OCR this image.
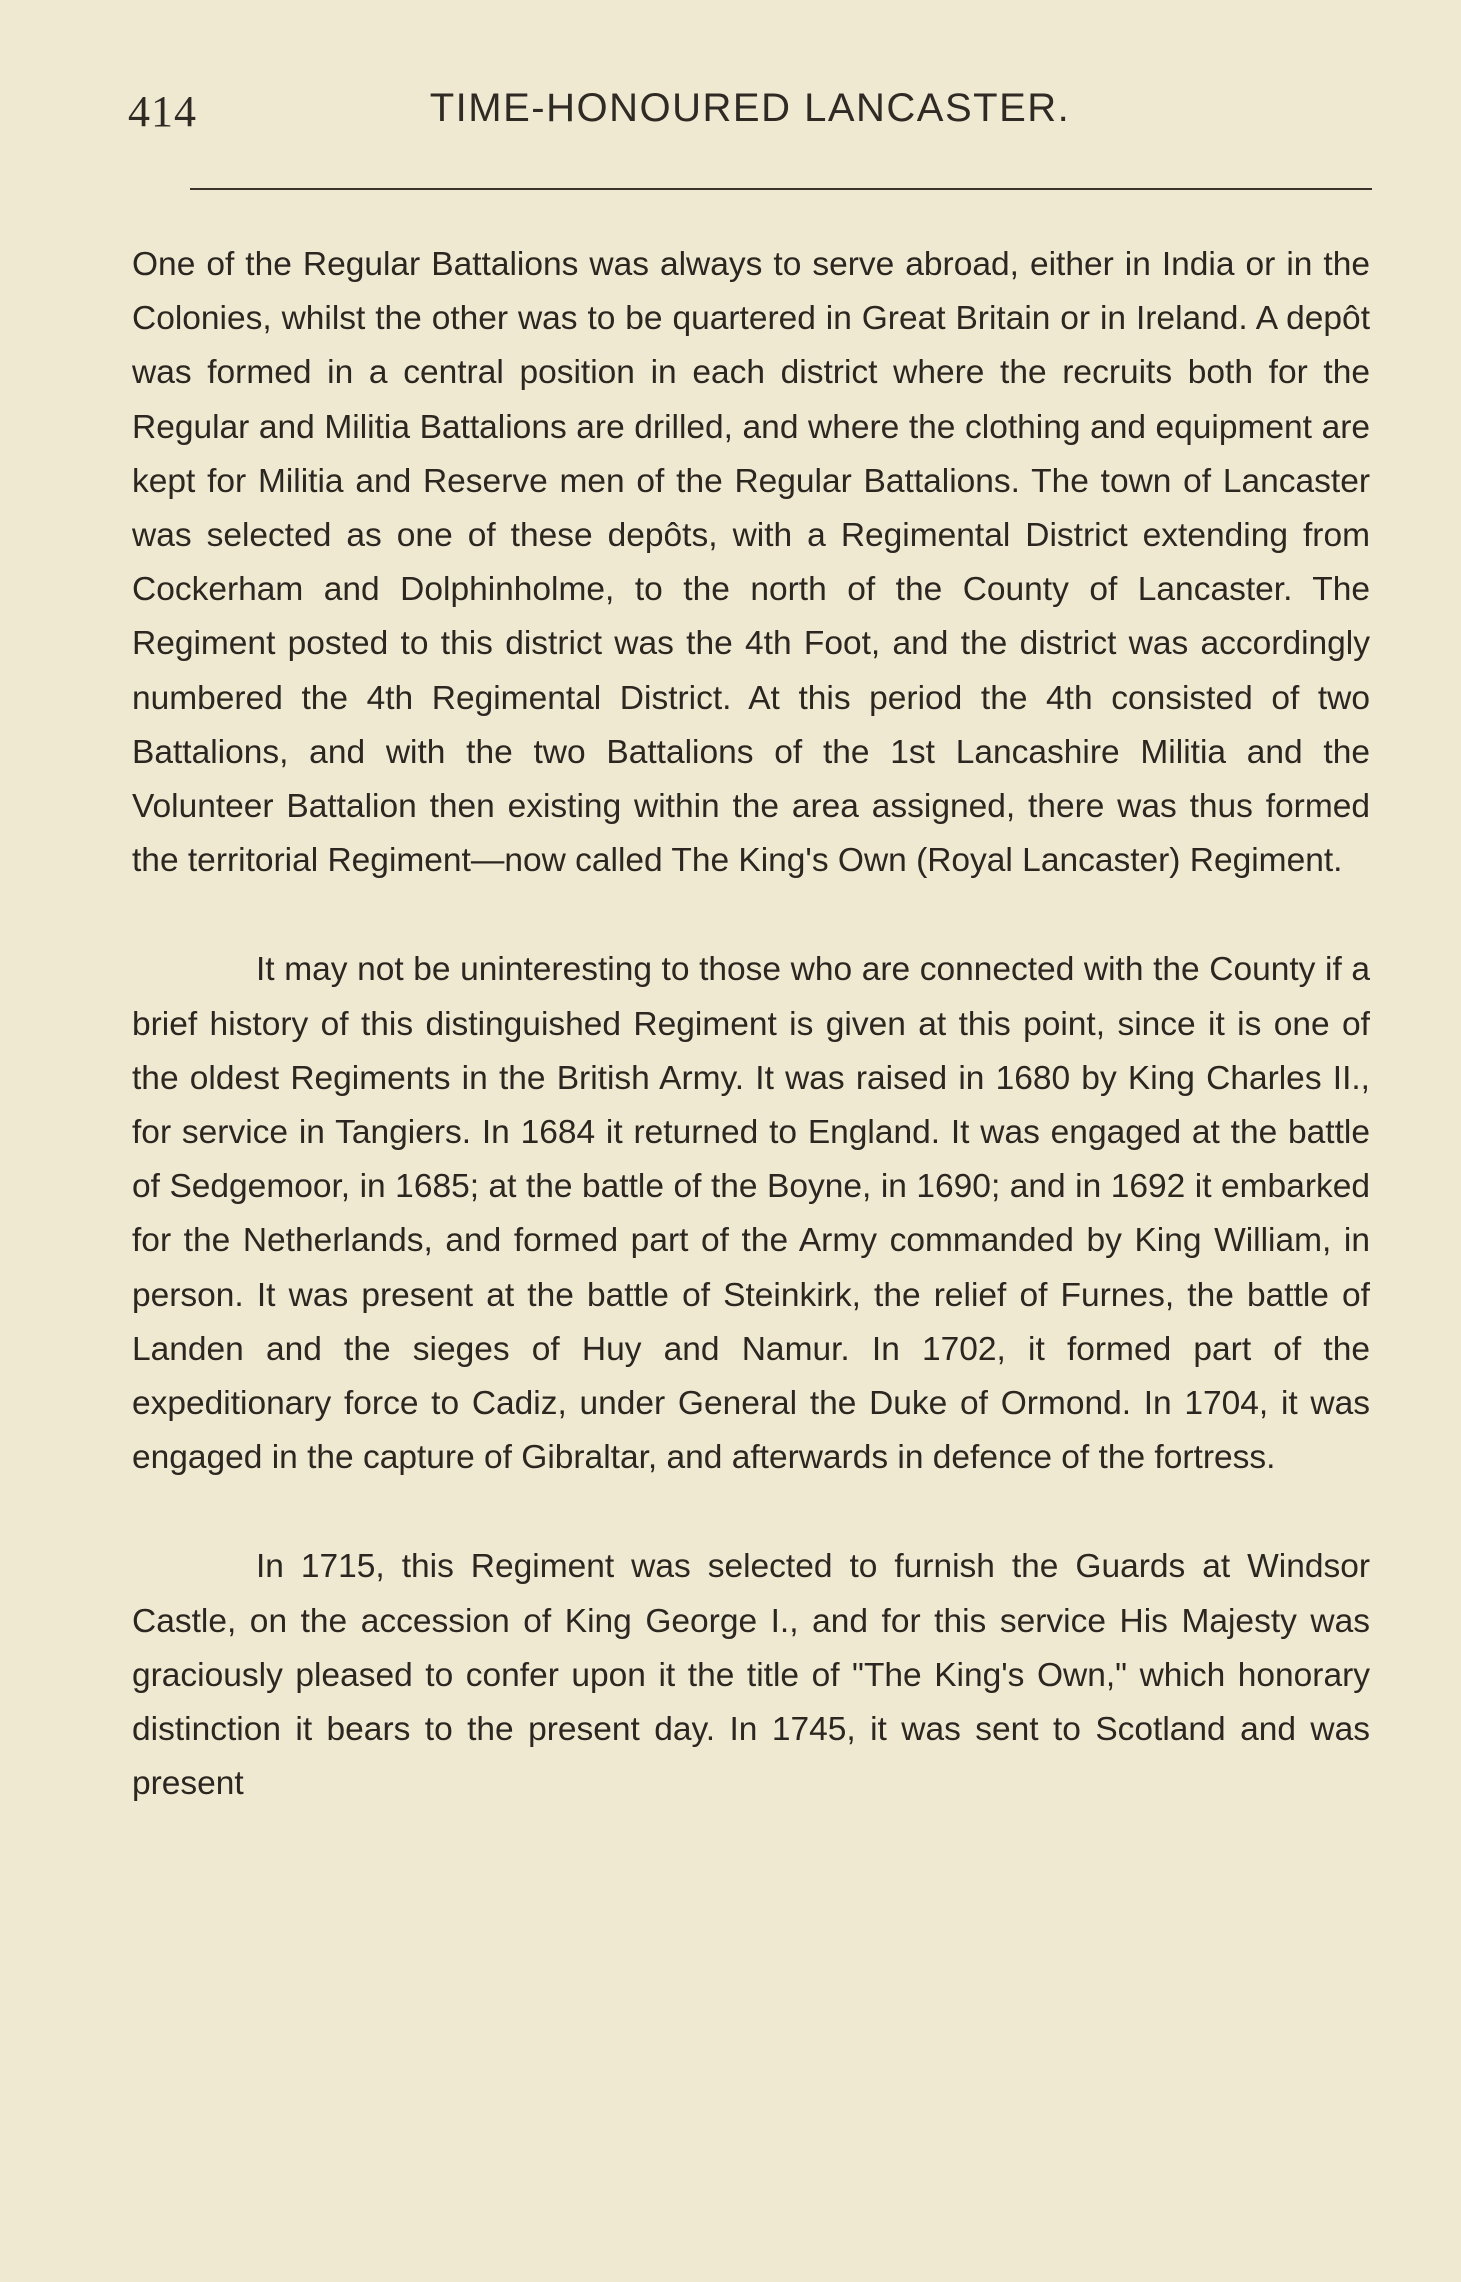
414	TIME-HONOURED LANCASTER.

One of the Regular Battalions was always to serve abroad, either in India or in the Colonies, whilst the other was to be quartered in Great Britain or in Ireland. A depôt was formed in a central position in each district where the recruits both for the Regular and Militia Battalions are drilled, and where the clothing and equipment are kept for Militia and Reserve men of the Regular Battalions. The town of Lancaster was selected as one of these depôts, with a Regimental District extending from Cockerham and Dolphinholme, to the north of the County of Lancaster. The Regiment posted to this district was the 4th Foot, and the district was accordingly numbered the 4th Regimental District. At this period the 4th consisted of two Battalions, and with the two Battalions of the 1st Lancashire Militia and the Volunteer Battalion then existing within the area assigned, there was thus formed the territorial Regiment—now called The King's Own (Royal Lancaster) Regiment.

It may not be uninteresting to those who are connected with the County if a brief history of this distinguished Regiment is given at this point, since it is one of the oldest Regiments in the British Army. It was raised in 1680 by King Charles II., for service in Tangiers. In 1684 it returned to England. It was engaged at the battle of Sedgemoor, in 1685; at the battle of the Boyne, in 1690; and in 1692 it embarked for the Netherlands, and formed part of the Army commanded by King William, in person. It was present at the battle of Steinkirk, the relief of Furnes, the battle of Landen and the sieges of Huy and Namur. In 1702, it formed part of the expeditionary force to Cadiz, under General the Duke of Ormond. In 1704, it was engaged in the capture of Gibraltar, and afterwards in defence of the fortress.

In 1715, this Regiment was selected to furnish the Guards at Windsor Castle, on the accession of King George I., and for this service His Majesty was graciously pleased to confer upon it the title of "The King's Own," which honorary distinction it bears to the present day. In 1745, it was sent to Scotland and was present
